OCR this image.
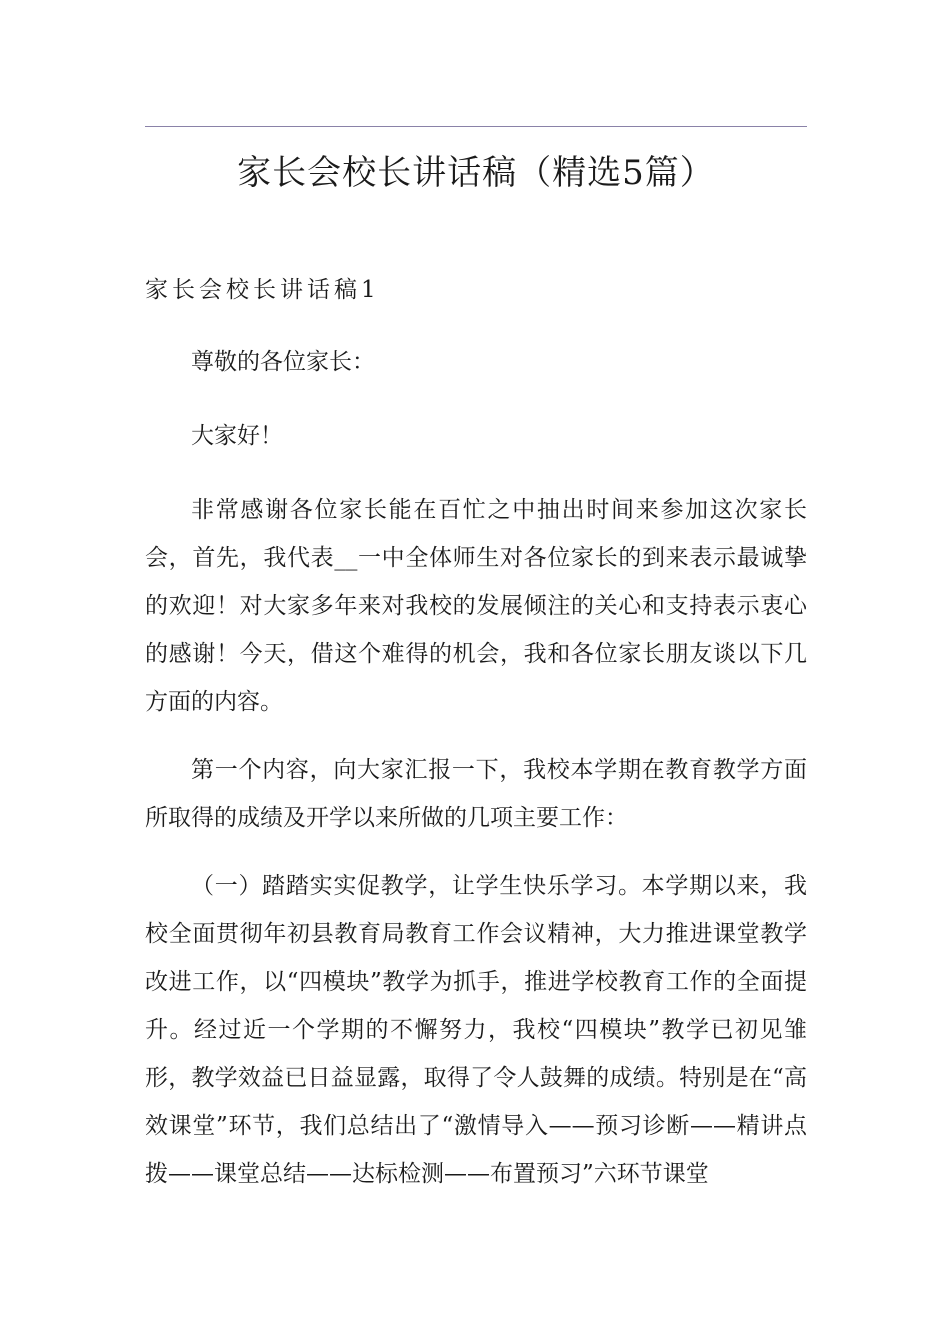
家长会校长讲话稿（精选5篇）
家长会校长讲话稿1

尊敬的各位家长：

大家好！

非常感谢各位家长能在百忙之中抽出时间来参加这次家长会，首先，我代表__一中全体师生对各位家长的到来表示最诚挚的欢迎！对大家多年来对我校的发展倾注的关心和支持表示衷心的感谢！今天，借这个难得的机会，我和各位家长朋友谈以下几方面的内容。

第一个内容，向大家汇报一下，我校本学期在教育教学方面所取得的成绩及开学以来所做的几项主要工作：

（一）踏踏实实促教学，让学生快乐学习。本学期以来，我校全面贯彻年初县教育局教育工作会议精神，大力推进课堂教学改进工作，以“四模块”教学为抓手，推进学校教育工作的全面提升。经过近一个学期的不懈努力，我校“四模块”教学已初见雏形，教学效益已日益显露，取得了令人鼓舞的成绩。特别是在“高效课堂”环节，我们总结出了“激情导入——预习诊断——精讲点拨——课堂总结——达标检测——布置预习”六环节课堂
